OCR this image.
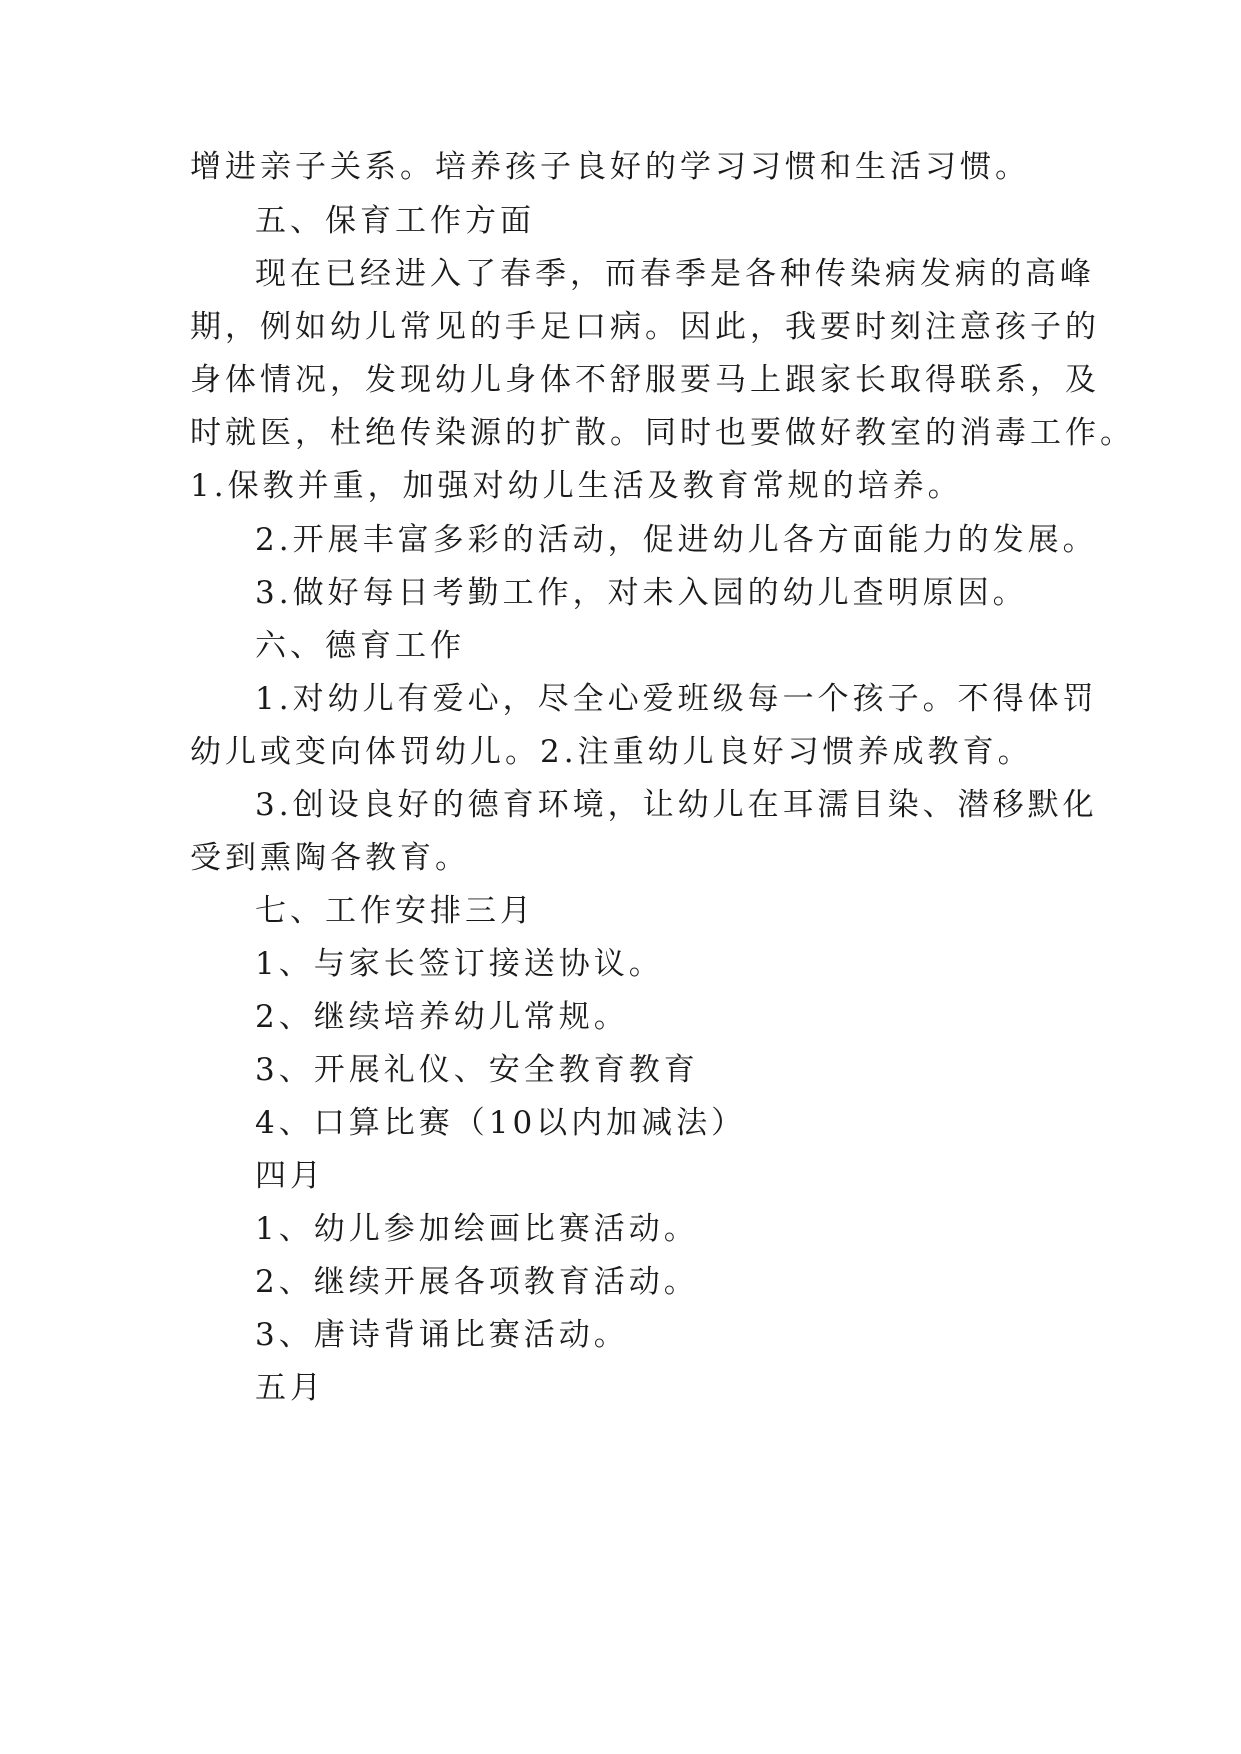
增进亲子关系。培养孩子良好的学习习惯和生活习惯。
五、保育工作方面
现在已经进入了春季，而春季是各种传染病发病的高峰
期，例如幼儿常见的手足口病。因此，我要时刻注意孩子的
身体情况，发现幼儿身体不舒服要马上跟家长取得联系，及
时就医，杜绝传染源的扩散。同时也要做好教室的消毒工作。
1.保教并重，加强对幼儿生活及教育常规的培养。
2.开展丰富多彩的活动，促进幼儿各方面能力的发展。
3.做好每日考勤工作，对未入园的幼儿查明原因。
六、德育工作
1.对幼儿有爱心，尽全心爱班级每一个孩子。不得体罚
幼儿或变向体罚幼儿。2.注重幼儿良好习惯养成教育。
3.创设良好的德育环境，让幼儿在耳濡目染、潜移默化
受到熏陶各教育。
七、工作安排三月
1、与家长签订接送协议。
2、继续培养幼儿常规。
3、开展礼仪、安全教育教育
4、口算比赛（10以内加减法）
四月
1、幼儿参加绘画比赛活动。
2、继续开展各项教育活动。
3、唐诗背诵比赛活动。
五月
